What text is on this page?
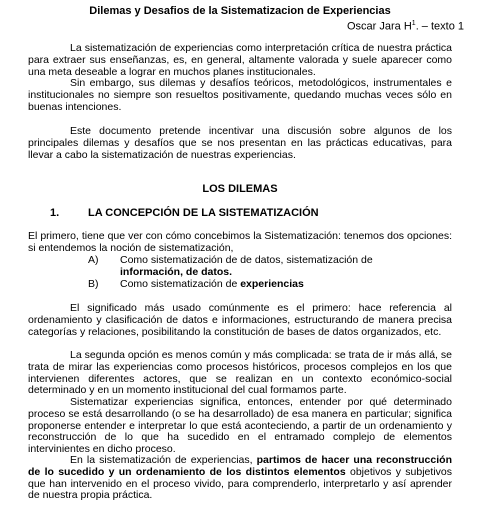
Dilemas y Desafios de la Sistematizacion de Experiencias
Oscar Jara $H^1$. – texto 1
La sistematización de experiencias como interpretación crítica de nuestra práctica para extraer sus enseñanzas, es, en general, altamente valorada y suele aparecer como una meta deseable a lograr en muchos planes institucionales.
Sin embargo, sus dilemas y desafíos teóricos, metodológicos, instrumentales e institucionales no siempre son resueltos positivamente, quedando muchas veces sólo en buenas intenciones.
Este documento pretende incentivar una discusión sobre algunos de los principales dilemas y desafíos que se nos presentan en las prácticas educativas, para llevar a cabo la sistematización de nuestras experiencias.
LOS DILEMAS
1.	LA CONCEPCIÓN DE LA SISTEMATIZACIÓN
El primero, tiene que ver con cómo concebimos la Sistematización: tenemos dos opciones: si entendemos la noción de sistematización,
A) Como sistematización de de datos, sistematización de información, de datos.
B) Como sistematización de experiencias
El significado más usado comúnmente es el primero: hace referencia al ordenamiento y clasificación de datos e informaciones, estructurando de manera precisa categorías y relaciones, posibilitando la constitución de bases de datos organizados, etc.
La segunda opción es menos común y más complicada: se trata de ir más allá, se trata de mirar las experiencias como procesos históricos, procesos complejos en los que intervienen diferentes actores, que se realizan en un contexto económico-social determinado y en un momento institucional del cual formamos parte.
Sistematizar experiencias significa, entonces, entender por qué determinado proceso se está desarrollando (o se ha desarrollado) de esa manera en particular; significa proponerse entender e interpretar lo que está aconteciendo, a partir de un ordenamiento y reconstrucción de lo que ha sucedido en el entramado complejo de elementos intervinientes en dicho proceso.
En la sistematización de experiencias, partimos de hacer una reconstrucción de lo sucedido y un ordenamiento de los distintos elementos objetivos y subjetivos que han intervenido en el proceso vivido, para comprenderlo, interpretarlo y así aprender de nuestra propia práctica.
